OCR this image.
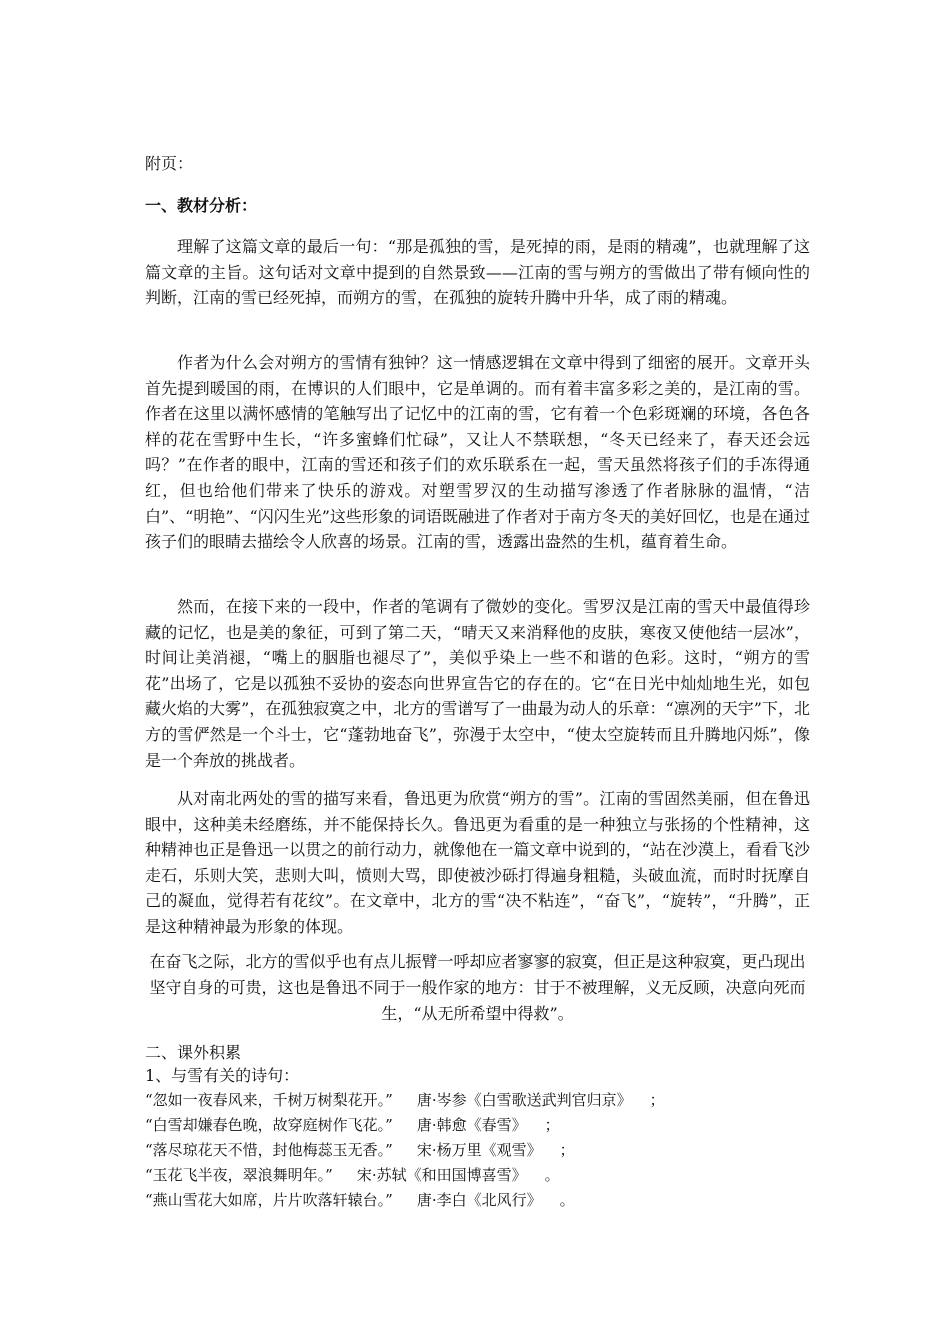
附页：
一、教材分析：

理解了这篇文章的最后一句：“那是孤独的雪，是死掉的雨，是雨的精魂”，也就理解了这篇文章的主旨。这句话对文章中提到的自然景致——江南的雪与朔方的雪做出了带有倾向性的判断，江南的雪已经死掉，而朔方的雪，在孤独的旋转升腾中升华，成了雨的精魂。

作者为什么会对朔方的雪情有独钟？这一情感逻辑在文章中得到了细密的展开。文章开头首先提到暖国的雨，在博识的人们眼中，它是单调的。而有着丰富多彩之美的，是江南的雪。作者在这里以满怀感情的笔触写出了记忆中的江南的雪，它有着一个色彩斑斓的环境，各色各样的花在雪野中生长，“许多蜜蜂们忙碌”，又让人不禁联想，“冬天已经来了，春天还会远吗？”在作者的眼中，江南的雪还和孩子们的欢乐联系在一起，雪天虽然将孩子们的手冻得通红，但也给他们带来了快乐的游戏。对塑雪罗汉的生动描写渗透了作者脉脉的温情，“洁白”、“明艳”、“闪闪生光”这些形象的词语既融进了作者对于南方冬天的美好回忆，也是在通过孩子们的眼睛去描绘令人欣喜的场景。江南的雪，透露出盎然的生机，蕴育着生命。

然而，在接下来的一段中，作者的笔调有了微妙的变化。雪罗汉是江南的雪天中最值得珍藏的记忆，也是美的象征，可到了第二天，“晴天又来消释他的皮肤，寒夜又使他结一层冰”，时间让美消褪，“嘴上的胭脂也褪尽了”，美似乎染上一些不和谐的色彩。这时，“朔方的雪花”出场了，它是以孤独不妥协的姿态向世界宣告它的存在的。它“在日光中灿灿地生光，如包藏火焰的大雾”，在孤独寂寞之中，北方的雪谱写了一曲最为动人的乐章：“凛冽的天宇”下，北方的雪俨然是一个斗士，它“蓬勃地奋飞”，弥漫于太空中，“使太空旋转而且升腾地闪烁”，像是一个奔放的挑战者。

从对南北两处的雪的描写来看，鲁迅更为欣赏“朔方的雪”。江南的雪固然美丽，但在鲁迅眼中，这种美未经磨练，并不能保持长久。鲁迅更为看重的是一种独立与张扬的个性精神，这种精神也正是鲁迅一以贯之的前行动力，就像他在一篇文章中说到的，“站在沙漠上，看看飞沙走石，乐则大笑，悲则大叫，愤则大骂，即使被沙砾打得遍身粗糙，头破血流，而时时抚摩自己的凝血，觉得若有花纹”。在文章中，北方的雪“决不粘连”，“奋飞”，“旋转”，“升腾”，正是这种精神最为形象的体现。

在奋飞之际，北方的雪似乎也有点儿振臂一呼却应者寥寥的寂寞，但正是这种寂寞，更凸现出坚守自身的可贵，这也是鲁迅不同于一般作家的地方：甘于不被理解，义无反顾，决意向死而生，“从无所希望中得救”。

二、课外积累
1、与雪有关的诗句：
“忽如一夜春风来，千树万树梨花开。” 唐·岑参《白雪歌送武判官归京》 ；
“白雪却嫌春色晚，故穿庭树作飞花。” 唐·韩愈《春雪》 ；
“落尽琼花天不惜，封他梅蕊玉无香。” 宋·杨万里《观雪》 ；
“玉花飞半夜，翠浪舞明年。” 宋·苏轼《和田国博喜雪》 。
“燕山雪花大如席，片片吹落轩辕台。” 唐·李白《北风行》 。
